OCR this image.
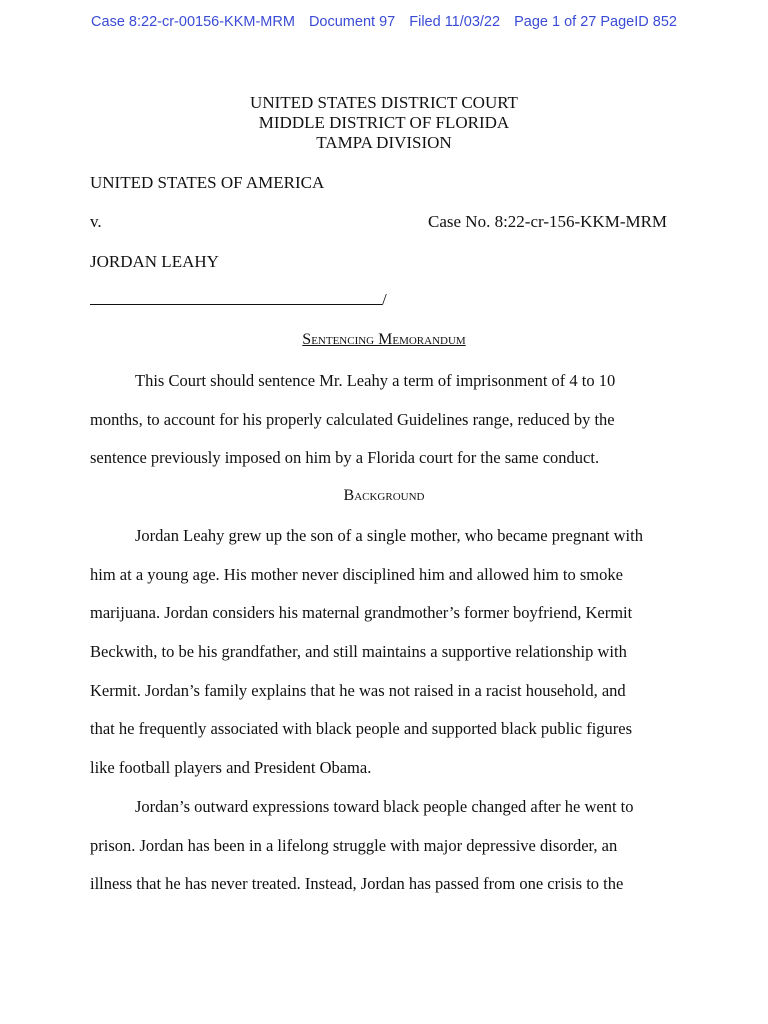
Case 8:22-cr-00156-KKM-MRM Document 97 Filed 11/03/22 Page 1 of 27 PageID 852
UNITED STATES DISTRICT COURT
MIDDLE DISTRICT OF FLORIDA
TAMPA DIVISION
UNITED STATES OF AMERICA
v.	Case No. 8:22-cr-156-KKM-MRM
JORDAN LEAHY
/
Sentencing Memorandum
This Court should sentence Mr. Leahy a term of imprisonment of 4 to 10
months, to account for his properly calculated Guidelines range, reduced by the
sentence previously imposed on him by a Florida court for the same conduct.
Background
Jordan Leahy grew up the son of a single mother, who became pregnant with
him at a young age. His mother never disciplined him and allowed him to smoke
marijuana. Jordan considers his maternal grandmother’s former boyfriend, Kermit
Beckwith, to be his grandfather, and still maintains a supportive relationship with
Kermit. Jordan’s family explains that he was not raised in a racist household, and
that he frequently associated with black people and supported black public figures
like football players and President Obama.
Jordan’s outward expressions toward black people changed after he went to
prison. Jordan has been in a lifelong struggle with major depressive disorder, an
illness that he has never treated. Instead, Jordan has passed from one crisis to the
